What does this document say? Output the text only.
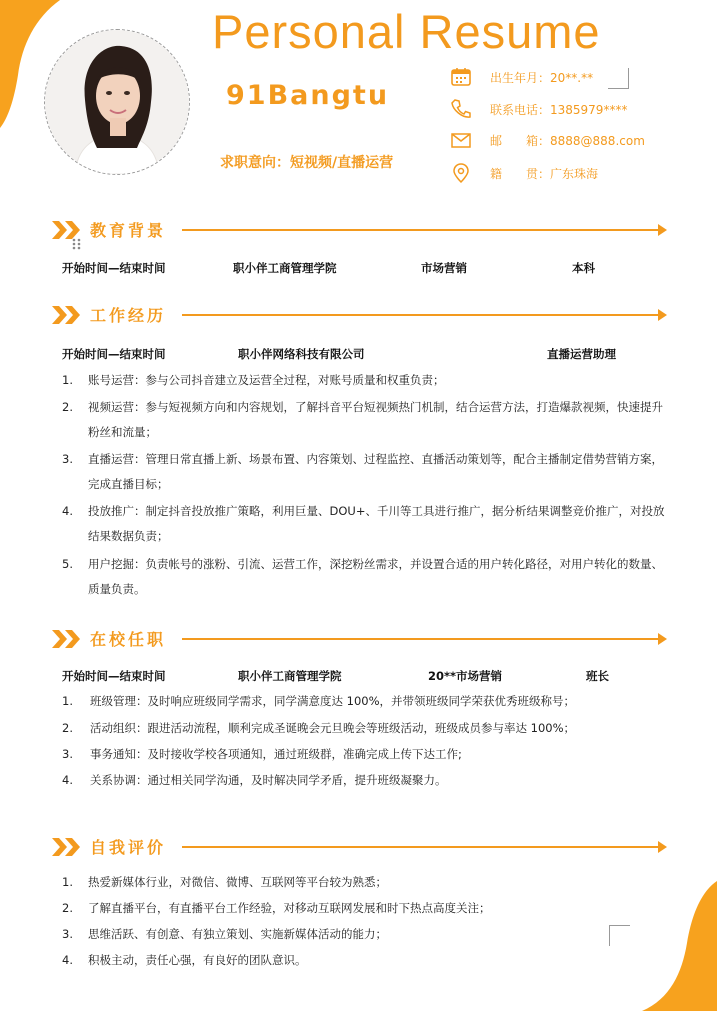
Personal Resume
91Bangtu
求职意向：短视频/直播运营
出生年月：20**.**
联系电话：1385979****
邮　　箱：8888@888.com
籍　　贯：广东珠海
教育背景
开始时间—结束时间	职小伴工商管理学院	市场营销	本科
工作经历
开始时间—结束时间	职小伴网络科技有限公司	直播运营助理
1. 账号运营：参与公司抖音建立及运营全过程，对账号质量和权重负责；
2. 视频运营：参与短视频方向和内容规划，了解抖音平台短视频热门机制，结合运营方法，打造爆款视频，快速提升粉丝和流量；
3. 直播运营：管理日常直播上新、场景布置、内容策划、过程监控、直播活动策划等，配合主播制定借势营销方案，完成直播目标；
4. 投放推广：制定抖音投放推广策略，利用巨量、DOU+、千川等工具进行推广，据分析结果调整竞价推广，对投放结果数据负责；
5. 用户挖掘：负责帐号的涨粉、引流、运营工作，深挖粉丝需求，并设置合适的用户转化路径，对用户转化的数量、质量负责。
在校任职
开始时间—结束时间	职小伴工商管理学院	20**市场营销	班长
1. 班级管理：及时响应班级同学需求，同学满意度达 100%，并带领班级同学荣获优秀班级称号；
2. 活动组织：跟进活动流程，顺利完成圣诞晚会元旦晚会等班级活动，班级成员参与率达 100%；
3. 事务通知：及时接收学校各项通知，通过班级群，准确完成上传下达工作;
4. 关系协调：通过相关同学沟通，及时解决同学矛盾，提升班级凝聚力。
自我评价
1. 热爱新媒体行业，对微信、微博、互联网等平台较为熟悉；
2. 了解直播平台，有直播平台工作经验，对移动互联网发展和时下热点高度关注；
3. 思维活跃、有创意、有独立策划、实施新媒体活动的能力；
4. 积极主动，责任心强，有良好的团队意识。
